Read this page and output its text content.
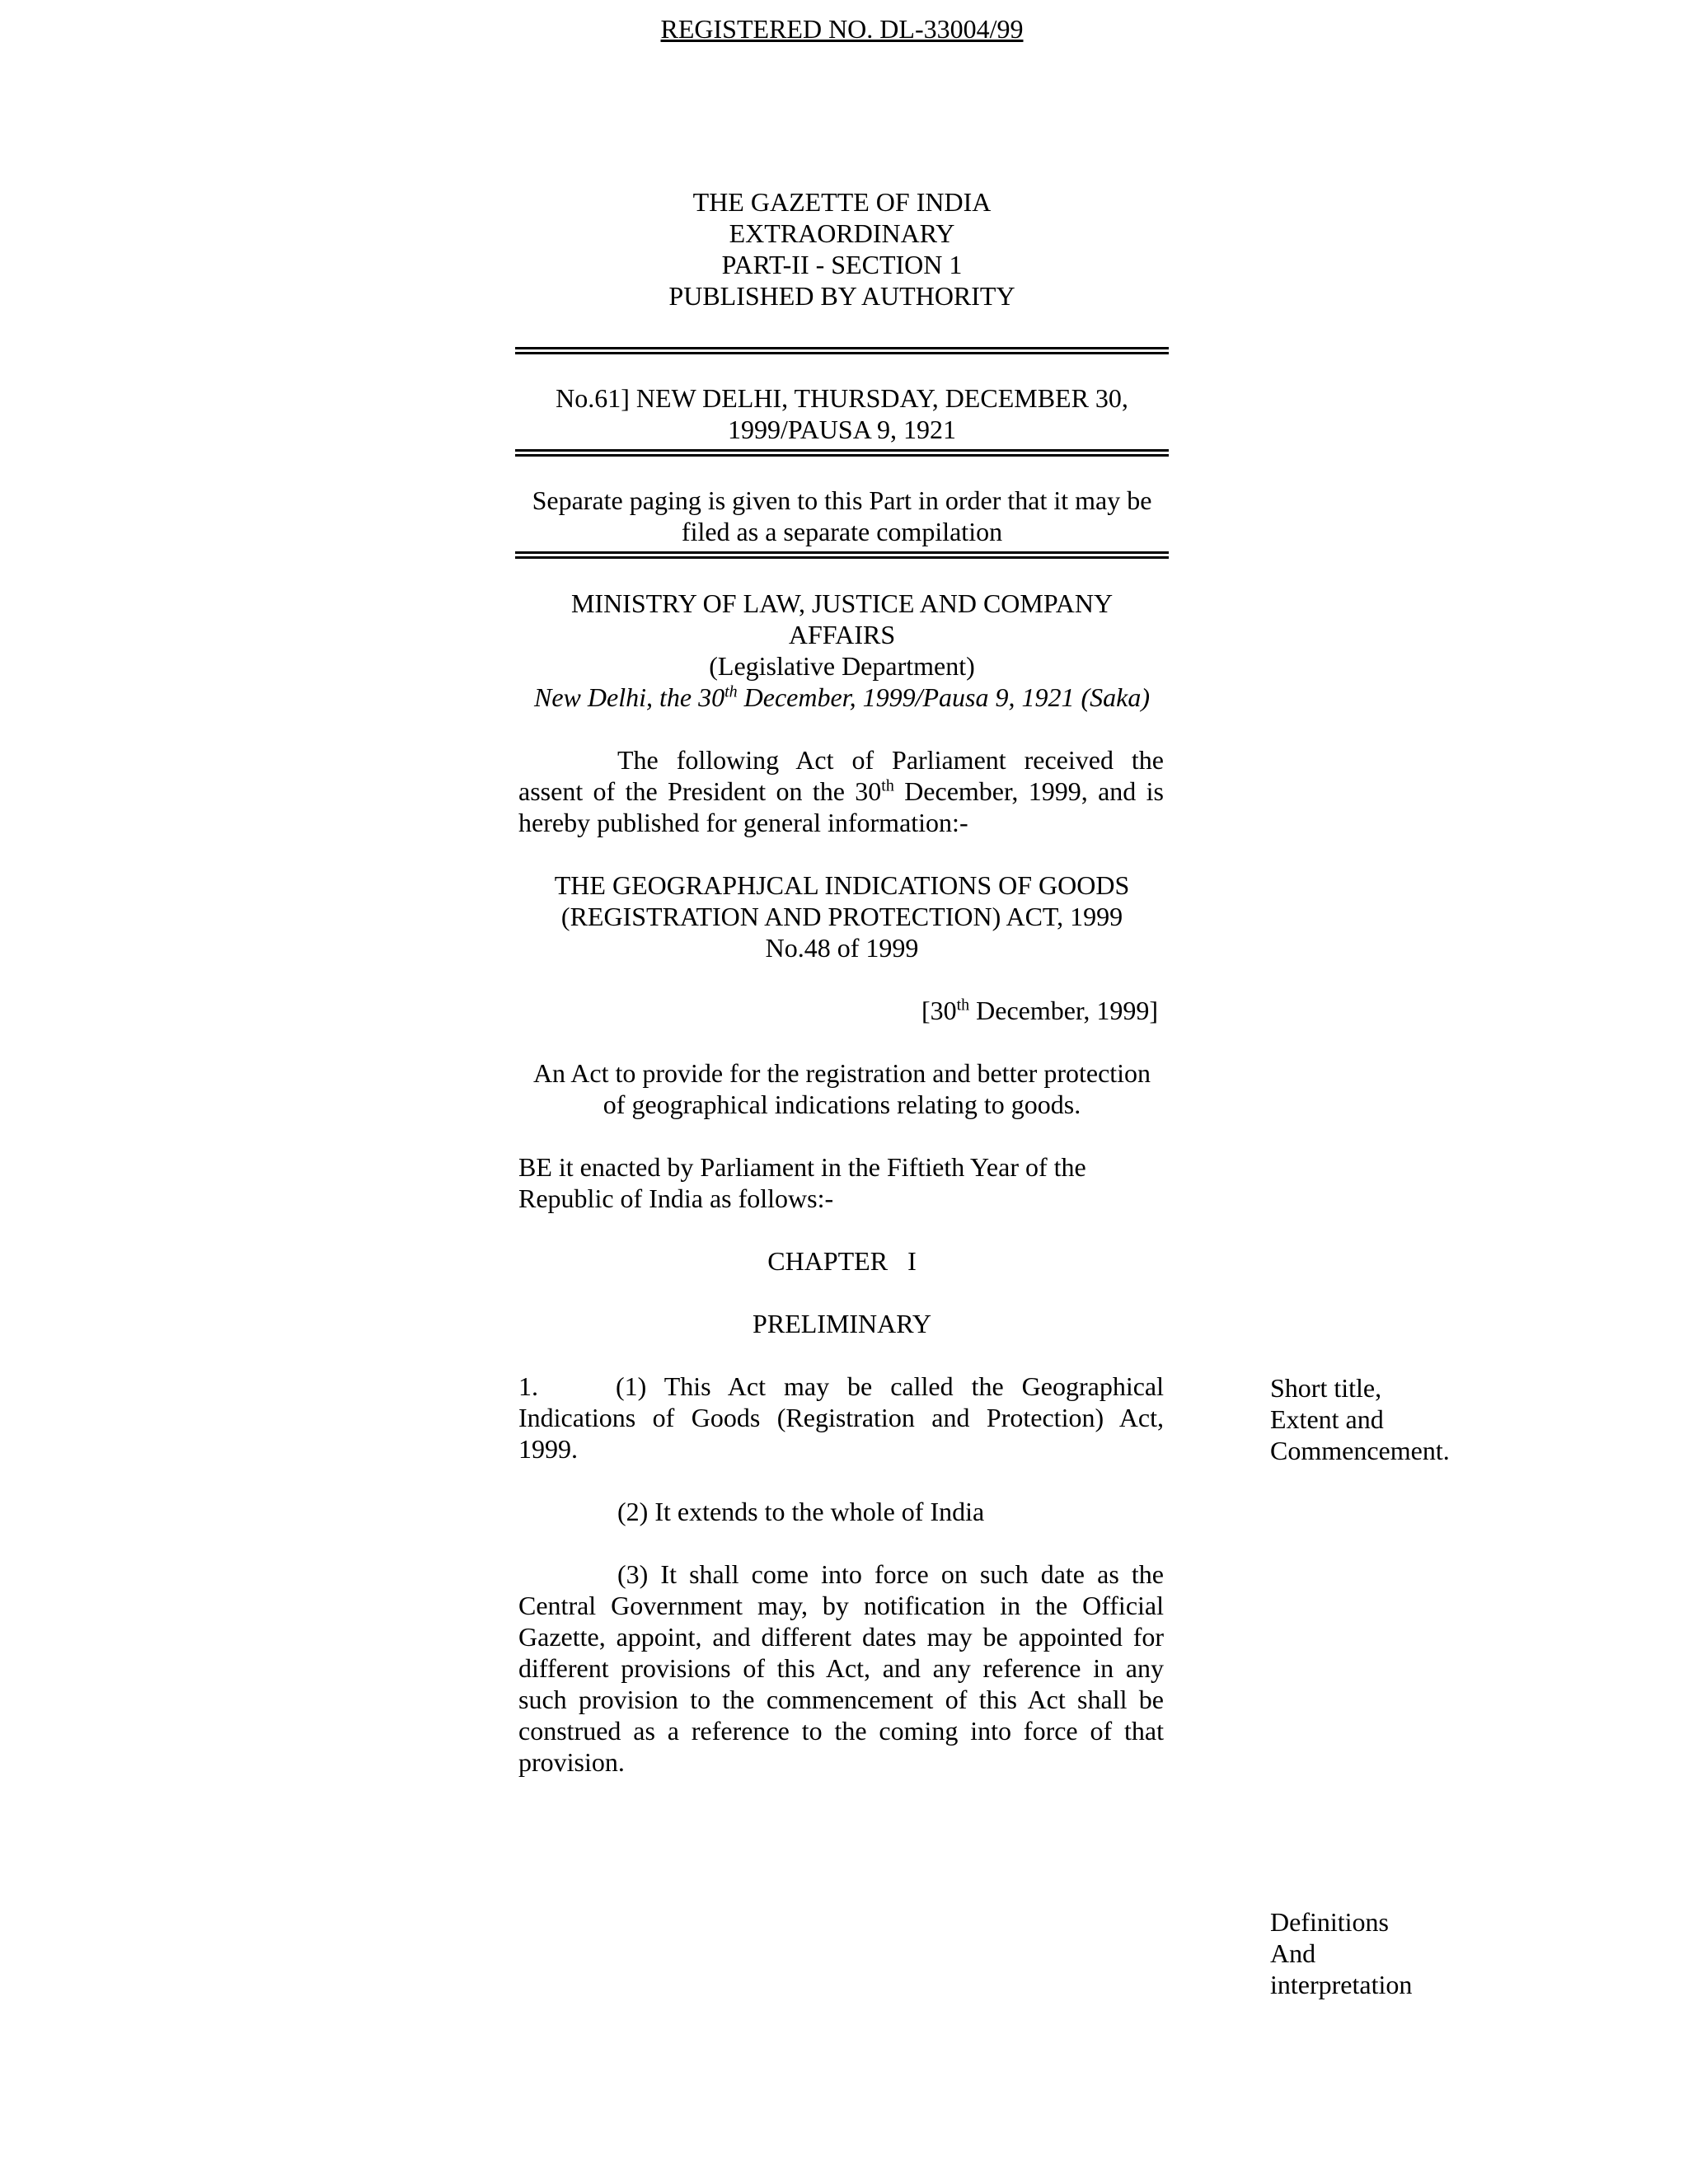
REGISTERED NO. DL-33004/99
THE GAZETTE OF INDIA
EXTRAORDINARY
PART-II - SECTION 1
PUBLISHED BY AUTHORITY
No.61] NEW DELHI, THURSDAY, DECEMBER 30,
1999/PAUSA 9, 1921
Separate paging is given to this Part in order that it may be
filed as a separate compilation
MINISTRY OF LAW, JUSTICE AND COMPANY
AFFAIRS
(Legislative Department)
New Delhi, the 30th December, 1999/Pausa 9, 1921 (Saka)
The following Act of Parliament received the assent of the President on the 30th December, 1999, and is hereby published for general information:-
THE GEOGRAPHJCAL INDICATIONS OF GOODS
(REGISTRATION AND PROTECTION) ACT, 1999
No.48 of 1999
[30th December, 1999]
An Act to provide for the registration and better protection
of geographical indications relating to goods.
BE it enacted by Parliament in the Fiftieth Year of the
Republic of India as follows:-
CHAPTER   I
PRELIMINARY
1.	(1) This Act may be called the Geographical Indications of Goods (Registration and Protection) Act, 1999.
(2) It extends to the whole of India
(3) It shall come into force on such date as the Central Government may, by notification in the Official Gazette, appoint, and different dates may be appointed for different provisions of this Act, and any reference in any such provision to the commencement of this Act shall be construed as a reference to the coming into force of that provision.
Short title,
Extent and
Commencement.
Definitions
And
interpretation
